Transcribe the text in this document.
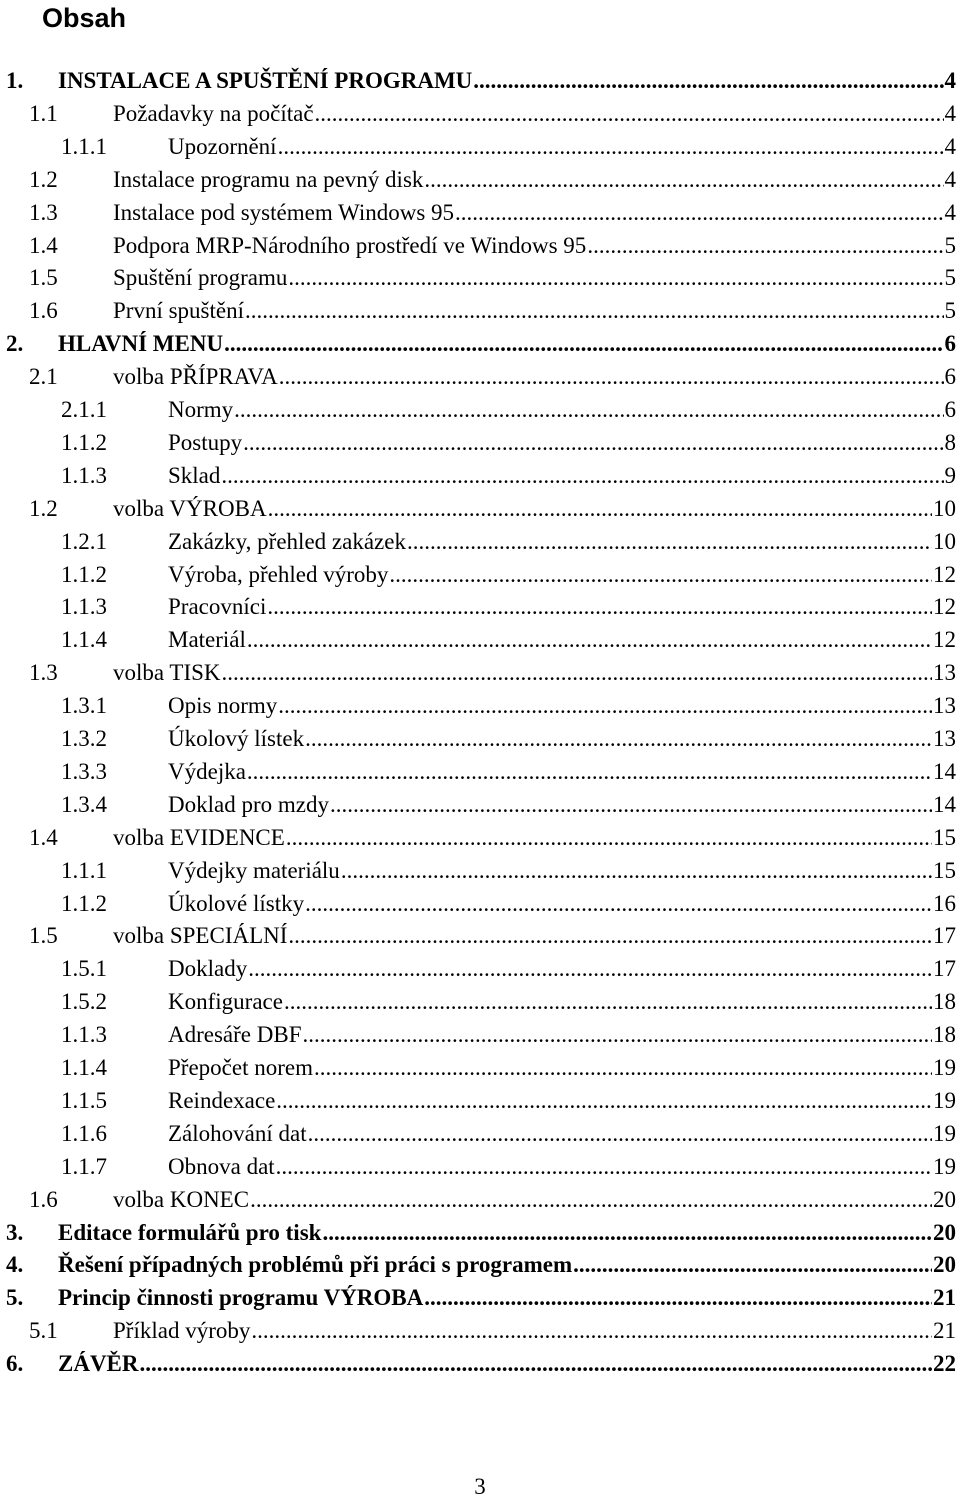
Obsah
1. INSTALACE A SPUŠTĚNÍ PROGRAMU .....	4
1.1 Požadavky na počítač .....	4
1.1.1	Upozornění .....	4
1.2 Instalace programu na pevný disk .....	4
1.3 Instalace pod systémem Windows 95 .....	4
1.4 Podpora MRP-Národního prostředí ve Windows 95 .....	5
1.5 Spuštění programu .....	5
1.6 První spuštění .....	5
2. HLAVNÍ MENU .....	6
2.1 volba PŘÍPRAVA .....	6
2.1.1	Normy .....	6
1.1.2	Postupy .....	8
1.1.3	Sklad .....	9
1.2 volba VÝROBA .....	10
1.2.1	Zakázky, přehled zakázek .....	10
1.1.2	Výroba, přehled výroby .....	12
1.1.3	Pracovníci .....	12
1.1.4	Materiál .....	12
1.3 volba TISK .....	13
1.3.1	Opis normy .....	13
1.3.2	Úkolový lístek .....	13
1.3.3	Výdejka .....	14
1.3.4	Doklad pro mzdy .....	14
1.4 volba EVIDENCE .....	15
1.1.1	Výdejky materiálu .....	15
1.1.2	Úkolové lístky .....	16
1.5 volba SPECIÁLNÍ .....	17
1.5.1	Doklady .....	17
1.5.2	Konfigurace .....	18
1.1.3	Adresáře DBF .....	18
1.1.4	Přepočet norem .....	19
1.1.5	Reindexace .....	19
1.1.6	Zálohování dat .....	19
1.1.7	Obnova dat .....	19
1.6 volba KONEC .....	20
3. Editace formulářů pro tisk .....	20
4. Řešení případných problémů při práci s programem .....	20
5. Princip činnosti programu VÝROBA .....	21
5.1 Příklad výroby .....	21
6. ZÁVĚR .....	22
3
